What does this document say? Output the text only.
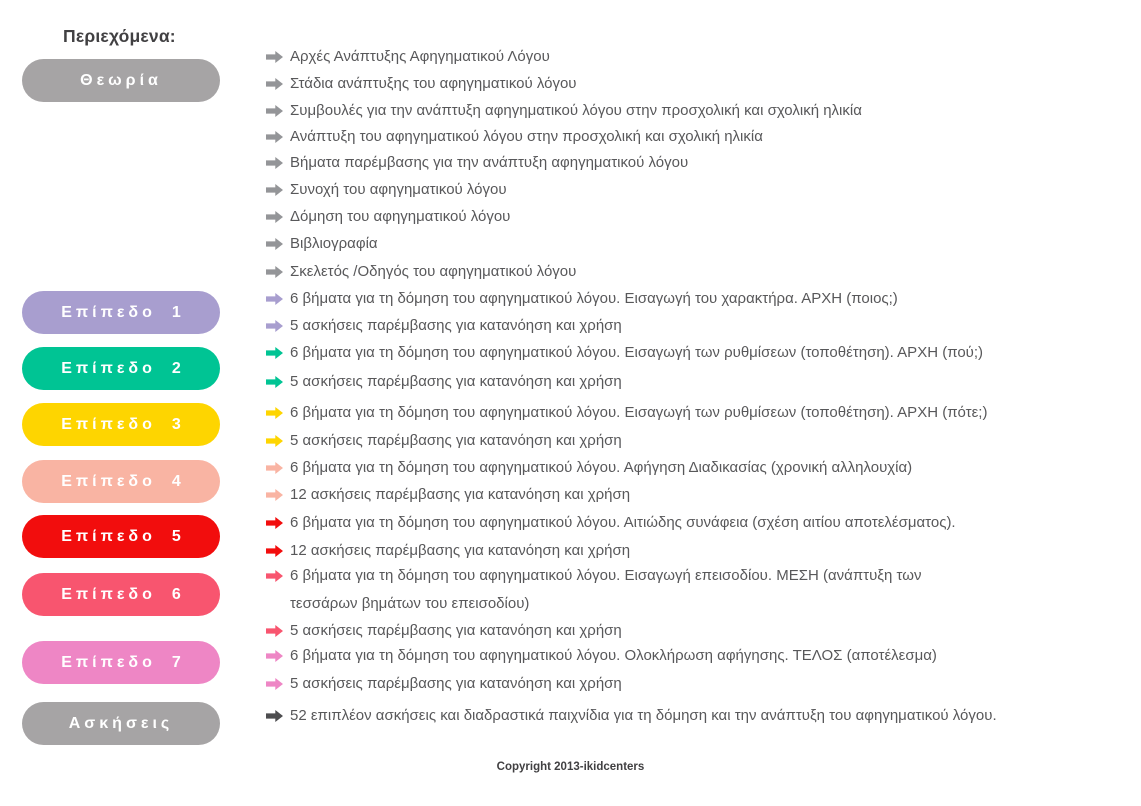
Περιεχόμενα:
Θεωρία
Επίπεδο 1
Επίπεδο 2
Επίπεδο 3
Επίπεδο 4
Επίπεδο 5
Επίπεδο 6
Επίπεδο 7
Ασκήσεις
Αρχές Ανάπτυξης Αφηγηματικού Λόγου
Στάδια ανάπτυξης του αφηγηματικού λόγου
Συμβουλές για την ανάπτυξη αφηγηματικού λόγου στην προσχολική και σχολική ηλικία
Ανάπτυξη του αφηγηματικού λόγου στην προσχολική και σχολική ηλικία
Βήματα παρέμβασης για την ανάπτυξη αφηγηματικού λόγου
Συνοχή του αφηγηματικού λόγου
Δόμηση του αφηγηματικού λόγου
Βιβλιογραφία
Σκελετός /Οδηγός του αφηγηματικού λόγου
6 βήματα για τη δόμηση του αφηγηματικού λόγου. Εισαγωγή του χαρακτήρα. ΑΡΧΗ (ποιος;)
5 ασκήσεις παρέμβασης για κατανόηση και χρήση
6 βήματα για τη δόμηση του αφηγηματικού λόγου. Εισαγωγή των ρυθμίσεων (τοποθέτηση). ΑΡΧΗ (πού;)
5 ασκήσεις παρέμβασης για κατανόηση και χρήση
6 βήματα για τη δόμηση του αφηγηματικού λόγου. Εισαγωγή των ρυθμίσεων (τοποθέτηση). ΑΡΧΗ (πότε;)
5 ασκήσεις παρέμβασης για κατανόηση και χρήση
6 βήματα για τη δόμηση του αφηγηματικού λόγου. Αφήγηση Διαδικασίας (χρονική αλληλουχία)
12 ασκήσεις παρέμβασης για κατανόηση και χρήση
6 βήματα για τη δόμηση του αφηγηματικού λόγου. Αιτιώδης συνάφεια (σχέση αιτίου αποτελέσματος).
12 ασκήσεις παρέμβασης για κατανόηση και χρήση
6 βήματα για τη δόμηση του αφηγηματικού λόγου. Εισαγωγή επεισοδίου. ΜΕΣΗ (ανάπτυξη των τεσσάρων βημάτων του επεισοδίου)
5 ασκήσεις παρέμβασης για κατανόηση και χρήση
6 βήματα για τη δόμηση του αφηγηματικού λόγου. Ολοκλήρωση αφήγησης. ΤΕΛΟΣ (αποτέλεσμα)
5 ασκήσεις παρέμβασης για κατανόηση και χρήση
52 επιπλέον ασκήσεις και διαδραστικά παιχνίδια για τη δόμηση και την ανάπτυξη του αφηγηματικού λόγου.
Copyright 2013-ikidcenters
